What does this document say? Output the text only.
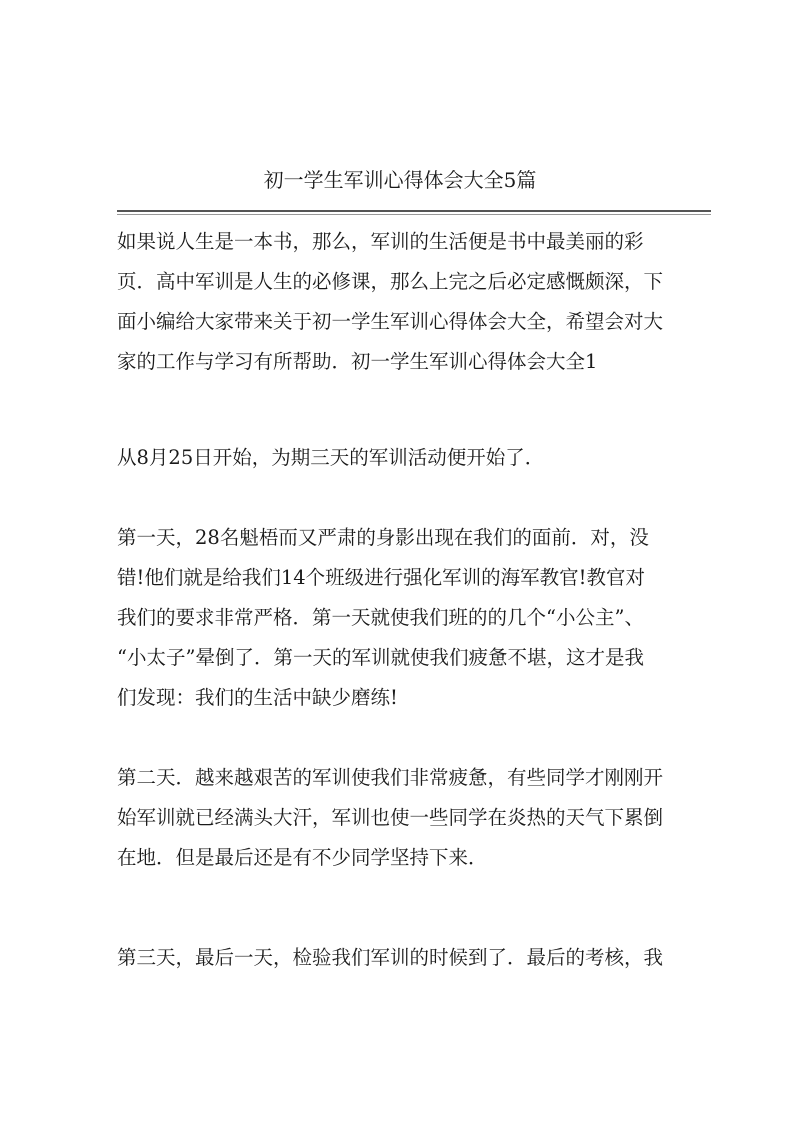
初一学生军训心得体会大全5篇
如果说人生是一本书，那么，军训的生活便是书中最美丽的彩
页．高中军训是人生的必修课，那么上完之后必定感慨颇深，下
面小编给大家带来关于初一学生军训心得体会大全，希望会对大
家的工作与学习有所帮助．初一学生军训心得体会大全1
从8月25日开始，为期三天的军训活动便开始了．
第一天，28名魁梧而又严肃的身影出现在我们的面前．对，没
错!他们就是给我们14个班级进行强化军训的海军教官!教官对
我们的要求非常严格．第一天就使我们班的的几个“小公主”、
“小太子”晕倒了．第一天的军训就使我们疲惫不堪，这才是我
们发现：我们的生活中缺少磨练!
第二天．越来越艰苦的军训使我们非常疲惫，有些同学才刚刚开
始军训就已经满头大汗，军训也使一些同学在炎热的天气下累倒
在地．但是最后还是有不少同学坚持下来．
第三天，最后一天，检验我们军训的时候到了．最后的考核，我
